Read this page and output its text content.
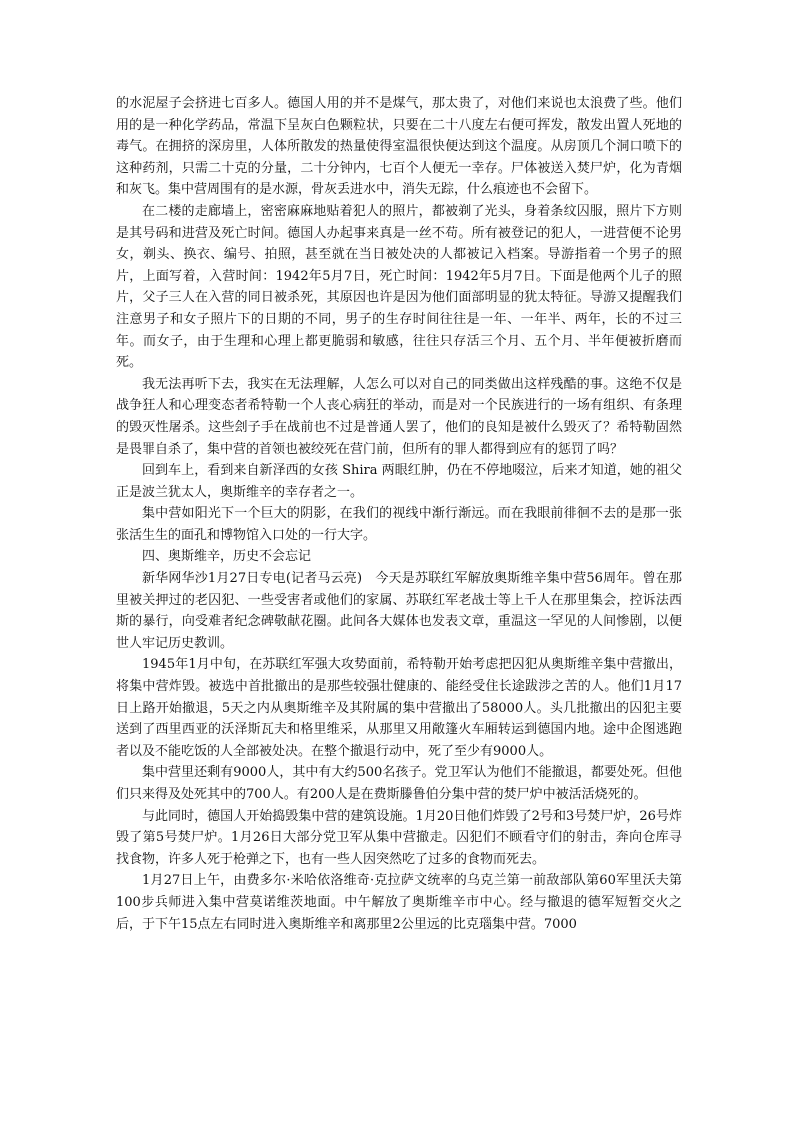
的水泥屋子会挤进七百多人。德国人用的并不是煤气，那太贵了，对他们来说也太浪费了些。他们用的是一种化学药品，常温下呈灰白色颗粒状，只要在二十八度左右便可挥发，散发出置人死地的毒气。在拥挤的深房里，人体所散发的热量使得室温很快便达到这个温度。从房顶几个洞口喷下的这种药剂，只需二十克的分量，二十分钟内，七百个人便无一幸存。尸体被送入焚尸炉，化为青烟和灰飞。集中营周围有的是水源，骨灰丢进水中，消失无踪，什么痕迹也不会留下。

在二楼的走廊墙上，密密麻麻地贴着犯人的照片，都被剃了光头，身着条纹囚服，照片下方则是其号码和进营及死亡时间。德国人办起事来真是一丝不苟。所有被登记的犯人，一进营便不论男女，剃头、换衣、编号、拍照，甚至就在当日被处决的人都被记入档案。导游指着一个男子的照片，上面写着，入营时间：1942年5月7日，死亡时间：1942年5月7日。下面是他两个儿子的照片，父子三人在入营的同日被杀死，其原因也许是因为他们面部明显的犹太特征。导游又提醒我们注意男子和女子照片下的日期的不同，男子的生存时间往往是一年、一年半、两年，长的不过三年。而女子，由于生理和心理上都更脆弱和敏感，往往只存活三个月、五个月、半年便被折磨而死。

我无法再听下去，我实在无法理解，人怎么可以对自己的同类做出这样残酷的事。这绝不仅是战争狂人和心理变态者希特勒一个人丧心病狂的举动，而是对一个民族进行的一场有组织、有条理的毁灭性屠杀。这些刽子手在战前也不过是普通人罢了，他们的良知是被什么毁灭了？希特勒固然是畏罪自杀了，集中营的首领也被绞死在营门前，但所有的罪人都得到应有的惩罚了吗？

回到车上，看到来自新泽西的女孩 Shira 两眼红肿，仍在不停地啜泣，后来才知道，她的祖父正是波兰犹太人，奥斯维辛的幸存者之一。

集中营如阳光下一个巨大的阴影，在我们的视线中渐行渐远。而在我眼前徘徊不去的是那一张张活生生的面孔和博物馆入口处的一行大字。

四、奥斯维辛，历史不会忘记

新华网华沙1月27日专电(记者马云亮)　今天是苏联红军解放奥斯维辛集中营56周年。曾在那里被关押过的老囚犯、一些受害者或他们的家属、苏联红军老战士等上千人在那里集会，控诉法西斯的暴行，向受难者纪念碑敬献花圈。此间各大媒体也发表文章，重温这一罕见的人间惨剧，以便世人牢记历史教训。

1945年1月中旬，在苏联红军强大攻势面前，希特勒开始考虑把囚犯从奥斯维辛集中营撤出，将集中营炸毁。被选中首批撤出的是那些较强壮健康的、能经受住长途跋涉之苦的人。他们1月17日上路开始撤退，5天之内从奥斯维辛及其附属的集中营撤出了58000人。头几批撤出的囚犯主要送到了西里西亚的沃泽斯瓦夫和格里维采，从那里又用敞篷火车厢转运到德国内地。途中企图逃跑者以及不能吃饭的人全部被处决。在整个撤退行动中，死了至少有9000人。

集中营里还剩有9000人，其中有大约500名孩子。党卫军认为他们不能撤退，都要处死。但他们只来得及处死其中的700人。有200人是在费斯滕鲁伯分集中营的焚尸炉中被活活烧死的。

与此同时，德国人开始捣毁集中营的建筑设施。1月20日他们炸毁了2号和3号焚尸炉，26号炸毁了第5号焚尸炉。1月26日大部分党卫军从集中营撤走。囚犯们不顾看守们的射击，奔向仓库寻找食物，许多人死于枪弹之下，也有一些人因突然吃了过多的食物而死去。

1月27日上午，由费多尔·米哈依洛维奇·克拉萨文统率的乌克兰第一前敌部队第60军里沃夫第100步兵师进入集中营莫诺维茨地面。中午解放了奥斯维辛市中心。经与撤退的德军短暂交火之后，于下午15点左右同时进入奥斯维辛和离那里2公里远的比克瑙集中营。7000
